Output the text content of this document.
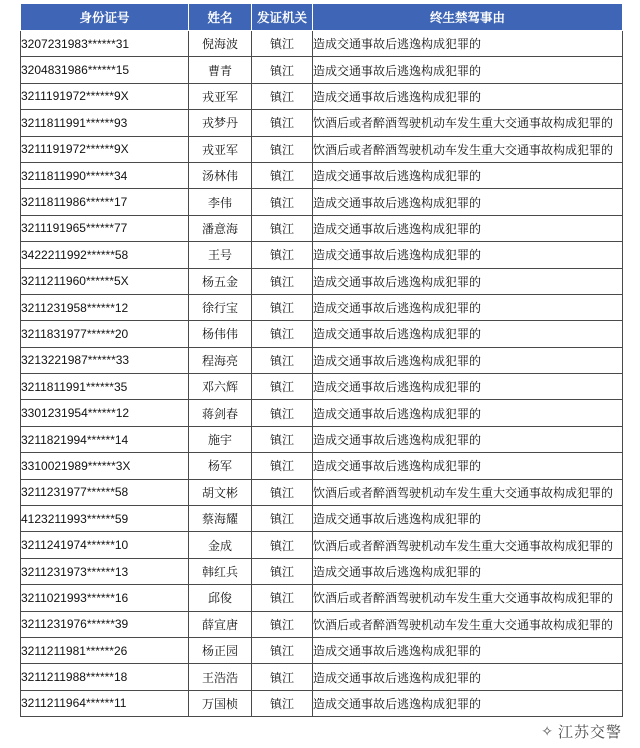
身份证号	姓名	发证机关	终生禁驾事由
3207231983******31	倪海波	镇江	造成交通事故后逃逸构成犯罪的
3204831986******15	曹青	镇江	造成交通事故后逃逸构成犯罪的
3211191972******9X	戎亚军	镇江	造成交通事故后逃逸构成犯罪的
3211811991******93	戎梦丹	镇江	饮酒后或者醉酒驾驶机动车发生重大交通事故构成犯罪的
3211191972******9X	戎亚军	镇江	饮酒后或者醉酒驾驶机动车发生重大交通事故构成犯罪的
3211811990******34	汤林伟	镇江	造成交通事故后逃逸构成犯罪的
3211811986******17	李伟	镇江	造成交通事故后逃逸构成犯罪的
3211191965******77	潘意海	镇江	造成交通事故后逃逸构成犯罪的
3422211992******58	王号	镇江	造成交通事故后逃逸构成犯罪的
3211211960******5X	杨五金	镇江	造成交通事故后逃逸构成犯罪的
3211231958******12	徐行宝	镇江	造成交通事故后逃逸构成犯罪的
3211831977******20	杨伟伟	镇江	造成交通事故后逃逸构成犯罪的
3213221987******33	程海亮	镇江	造成交通事故后逃逸构成犯罪的
3211811991******35	邓六辉	镇江	造成交通事故后逃逸构成犯罪的
3301231954******12	蒋剑春	镇江	造成交通事故后逃逸构成犯罪的
3211821994******14	施宇	镇江	造成交通事故后逃逸构成犯罪的
3310021989******3X	杨军	镇江	造成交通事故后逃逸构成犯罪的
3211231977******58	胡文彬	镇江	饮酒后或者醉酒驾驶机动车发生重大交通事故构成犯罪的
4123211993******59	蔡海耀	镇江	造成交通事故后逃逸构成犯罪的
3211241974******10	金成	镇江	饮酒后或者醉酒驾驶机动车发生重大交通事故构成犯罪的
3211231973******13	韩红兵	镇江	造成交通事故后逃逸构成犯罪的
3211021993******16	邱俊	镇江	饮酒后或者醉酒驾驶机动车发生重大交通事故构成犯罪的
3211231976******39	薛宣唐	镇江	饮酒后或者醉酒驾驶机动车发生重大交通事故构成犯罪的
3211211981******26	杨正园	镇江	造成交通事故后逃逸构成犯罪的
3211211988******18	王浩浩	镇江	造成交通事故后逃逸构成犯罪的
3211211964******11	万国桢	镇江	造成交通事故后逃逸构成犯罪的
✧ 江苏交警
